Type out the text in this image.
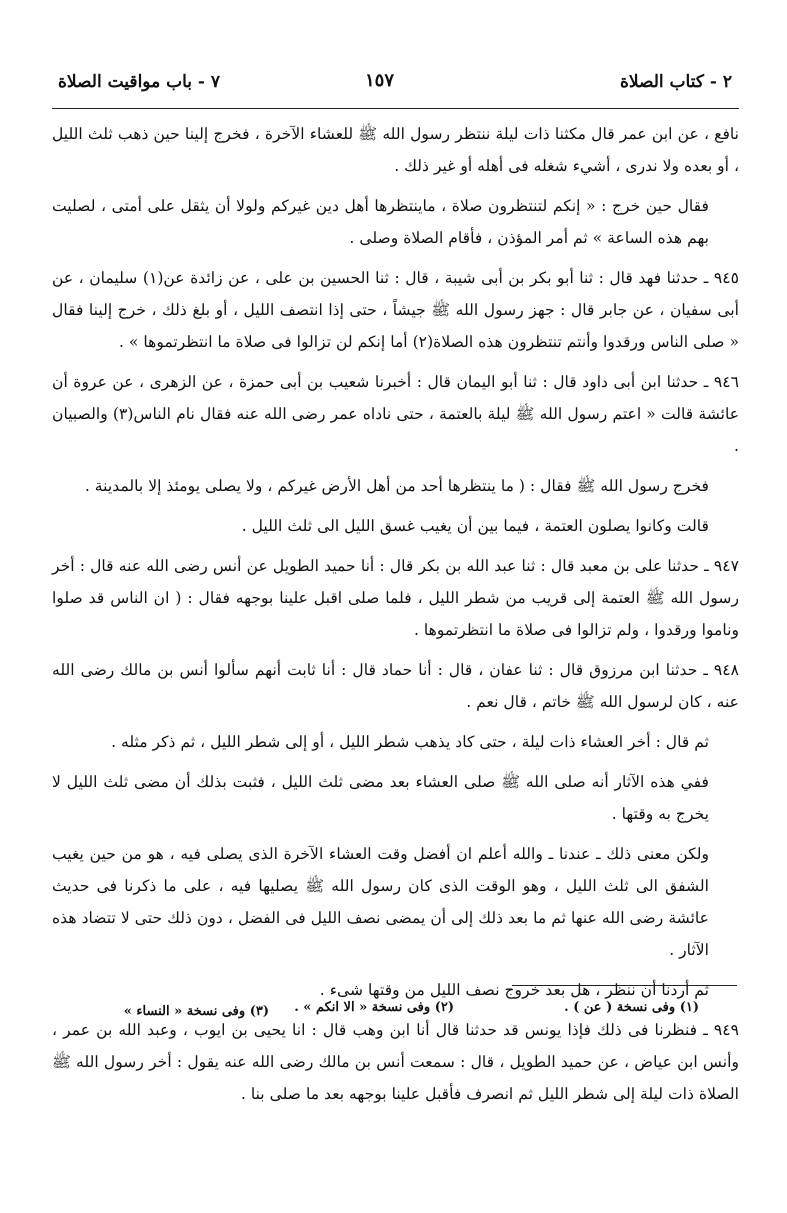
٢ - كتاب الصلاة
١٥٧
٧ - باب مواقيت الصلاة

نافع ، عن ابن عمر قال مكثنا ذات ليلة ننتظر رسول الله ﷺ للعشاء الآخرة ، فخرج إلينا حين ذهب ثلث الليل ، أو بعده ولا ندرى ، أشيء شغله فى أهله أو غير ذلك .

فقال حين خرج : « إنكم لتنتظرون صلاة ، ماينتظرها أهل دين غيركم ولولا أن يثقل على أمتى ، لصليت بهم هذه الساعة » ثم أمر المؤذن ، فأقام الصلاة وصلى .

٩٤٥ ـ حدثنا فهد قال : ثنا أبو بكر بن أبى شيبة ، قال : ثنا الحسين بن على ، عن زائدة عن(١) سليمان ، عن أبى سفيان ، عن جابر قال : جهز رسول الله ﷺ جيشاً ، حتى إذا انتصف الليل ، أو بلغ ذلك ، خرج إلينا فقال « صلى الناس ورقدوا وأنتم تنتظرون هذه الصلاة(٢) أما إنكم لن تزالوا فى صلاة ما انتظرتموها » .

٩٤٦ ـ حدثنا ابن أبى داود قال : ثنا أبو اليمان قال : أخبرنا شعيب بن أبى حمزة ، عن الزهرى ، عن عروة أن عائشة قالت « اعتم رسول الله ﷺ ليلة بالعتمة ، حتى ناداه عمر رضى الله عنه فقال نام الناس(٣) والصبيان .

فخرج رسول الله ﷺ فقال : ( ما ينتظرها أحد من أهل الأرض غيركم ، ولا يصلى يومئذ إلا بالمدينة .

قالت وكانوا يصلون العتمة ، فيما بين أن يغيب غسق الليل الى ثلث الليل .

٩٤٧ ـ حدثنا على بن معبد قال : ثنا عبد الله بن بكر قال : أنا حميد الطويل عن أنس رضى الله عنه قال : أخر رسول الله ﷺ العتمة إلى قريب من شطر الليل ، فلما صلى اقبل علينا بوجهه فقال : ( ان الناس قد صلوا وناموا ورقدوا ، ولم تزالوا فى صلاة ما انتظرتموها .

٩٤٨ ـ حدثنا ابن مرزوق قال : ثنا عفان ، قال : أنا حماد قال : أنا ثابت أنهم سألوا أنس بن مالك رضى الله عنه ، كان لرسول الله ﷺ خاتم ، قال نعم .

ثم قال : أخر العشاء ذات ليلة ، حتى كاد يذهب شطر الليل ، أو إلى شطر الليل ، ثم ذكر مثله .

ففي هذه الآثار أنه صلى الله ﷺ صلى العشاء بعد مضى ثلث الليل ، فثبت بذلك أن مضى ثلث الليل لا يخرج به وقتها .

ولكن معنى ذلك ـ عندنا ـ والله أعلم ان أفضل وقت العشاء الآخرة الذى يصلى فيه ، هو من حين يغيب الشفق الى ثلث الليل ، وهو الوقت الذى كان رسول الله ﷺ يصليها فيه ، على ما ذكرنا فى حديث عائشة رضى الله عنها ثم ما بعد ذلك إلى أن يمضى نصف الليل فى الفضل ، دون ذلك حتى لا تتضاد هذه الآثار .

ثم أردنا أن ننظر ، هل بعد خروج نصف الليل من وقتها شىء .

٩٤٩ ـ فنظرنا فى ذلك فإذا يونس قد حدثنا قال أنا ابن وهب قال : انا يحيى بن ايوب ، وعبد الله بن عمر ، وأنس ابن عياض ، عن حميد الطويل ، قال : سمعت أنس بن مالك رضى الله عنه يقول : أخر رسول الله ﷺ الصلاة ذات ليلة إلى شطر الليل ثم انصرف فأقبل علينا بوجهه بعد ما صلى بنا .

(١) وفى نسخة ( عن ) .
(٢) وفى نسخة « الا انكم » .
(٣) وفى نسخة « النساء »
